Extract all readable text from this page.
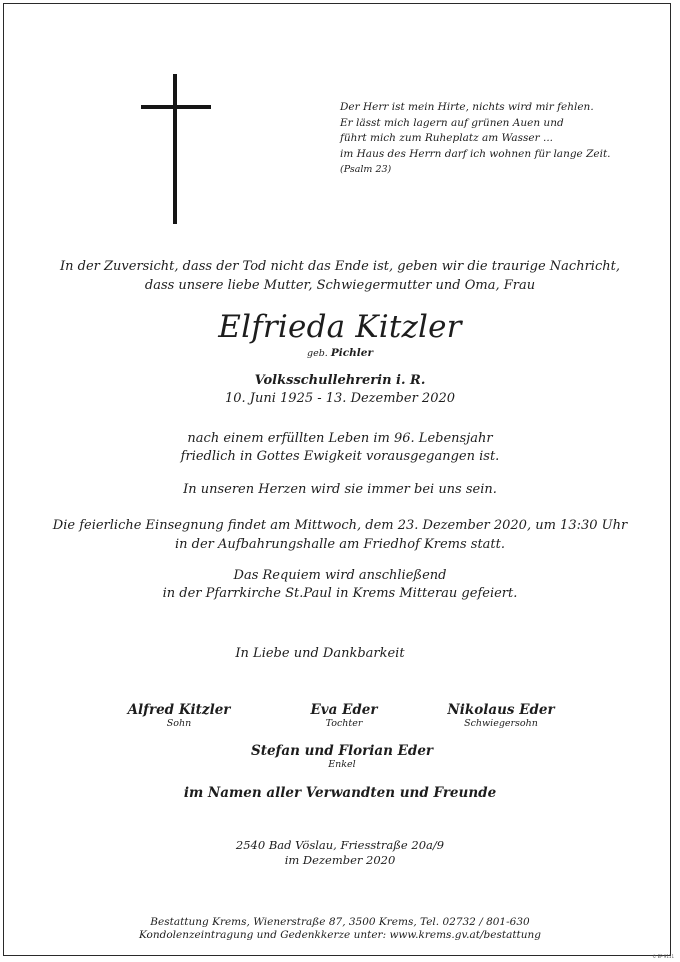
Der Herr ist mein Hirte, nichts wird mir fehlen.
Er lässt mich lagern auf grünen Auen und
führt mich zum Ruheplatz am Wasser ...
im Haus des Herrn darf ich wohnen für lange Zeit.
(Psalm 23)
In der Zuversicht, dass der Tod nicht das Ende ist, geben wir die traurige Nachricht,
dass unsere liebe Mutter, Schwiegermutter und Oma, Frau
Elfrieda Kitzler
geb. Pichler
Volksschullehrerin i. R.
10. Juni 1925 - 13. Dezember 2020
nach einem erfüllten Leben im 96. Lebensjahr
friedlich in Gottes Ewigkeit vorausgegangen ist.
In unseren Herzen wird sie immer bei uns sein.
Die feierliche Einsegnung findet am Mittwoch, dem 23. Dezember 2020, um 13:30 Uhr
in der Aufbahrungshalle am Friedhof Krems statt.
Das Requiem wird anschließend
in der Pfarrkirche St.Paul in Krems Mitterau gefeiert.
In Liebe und Dankbarkeit
Alfred Kitzler
Sohn
Eva Eder
Tochter
Nikolaus Eder
Schwiegersohn
Stefan und Florian Eder
Enkel
im Namen aller Verwandten und Freunde
2540 Bad Vöslau, Friesstraße 20a/9
im Dezember 2020
Bestattung Krems, Wienerstraße 87, 3500 Krems, Tel. 02732 / 801-630
Kondolenzeintragung und Gedenkkerze unter: www.krems.gv.at/bestattung
© EP 9111
